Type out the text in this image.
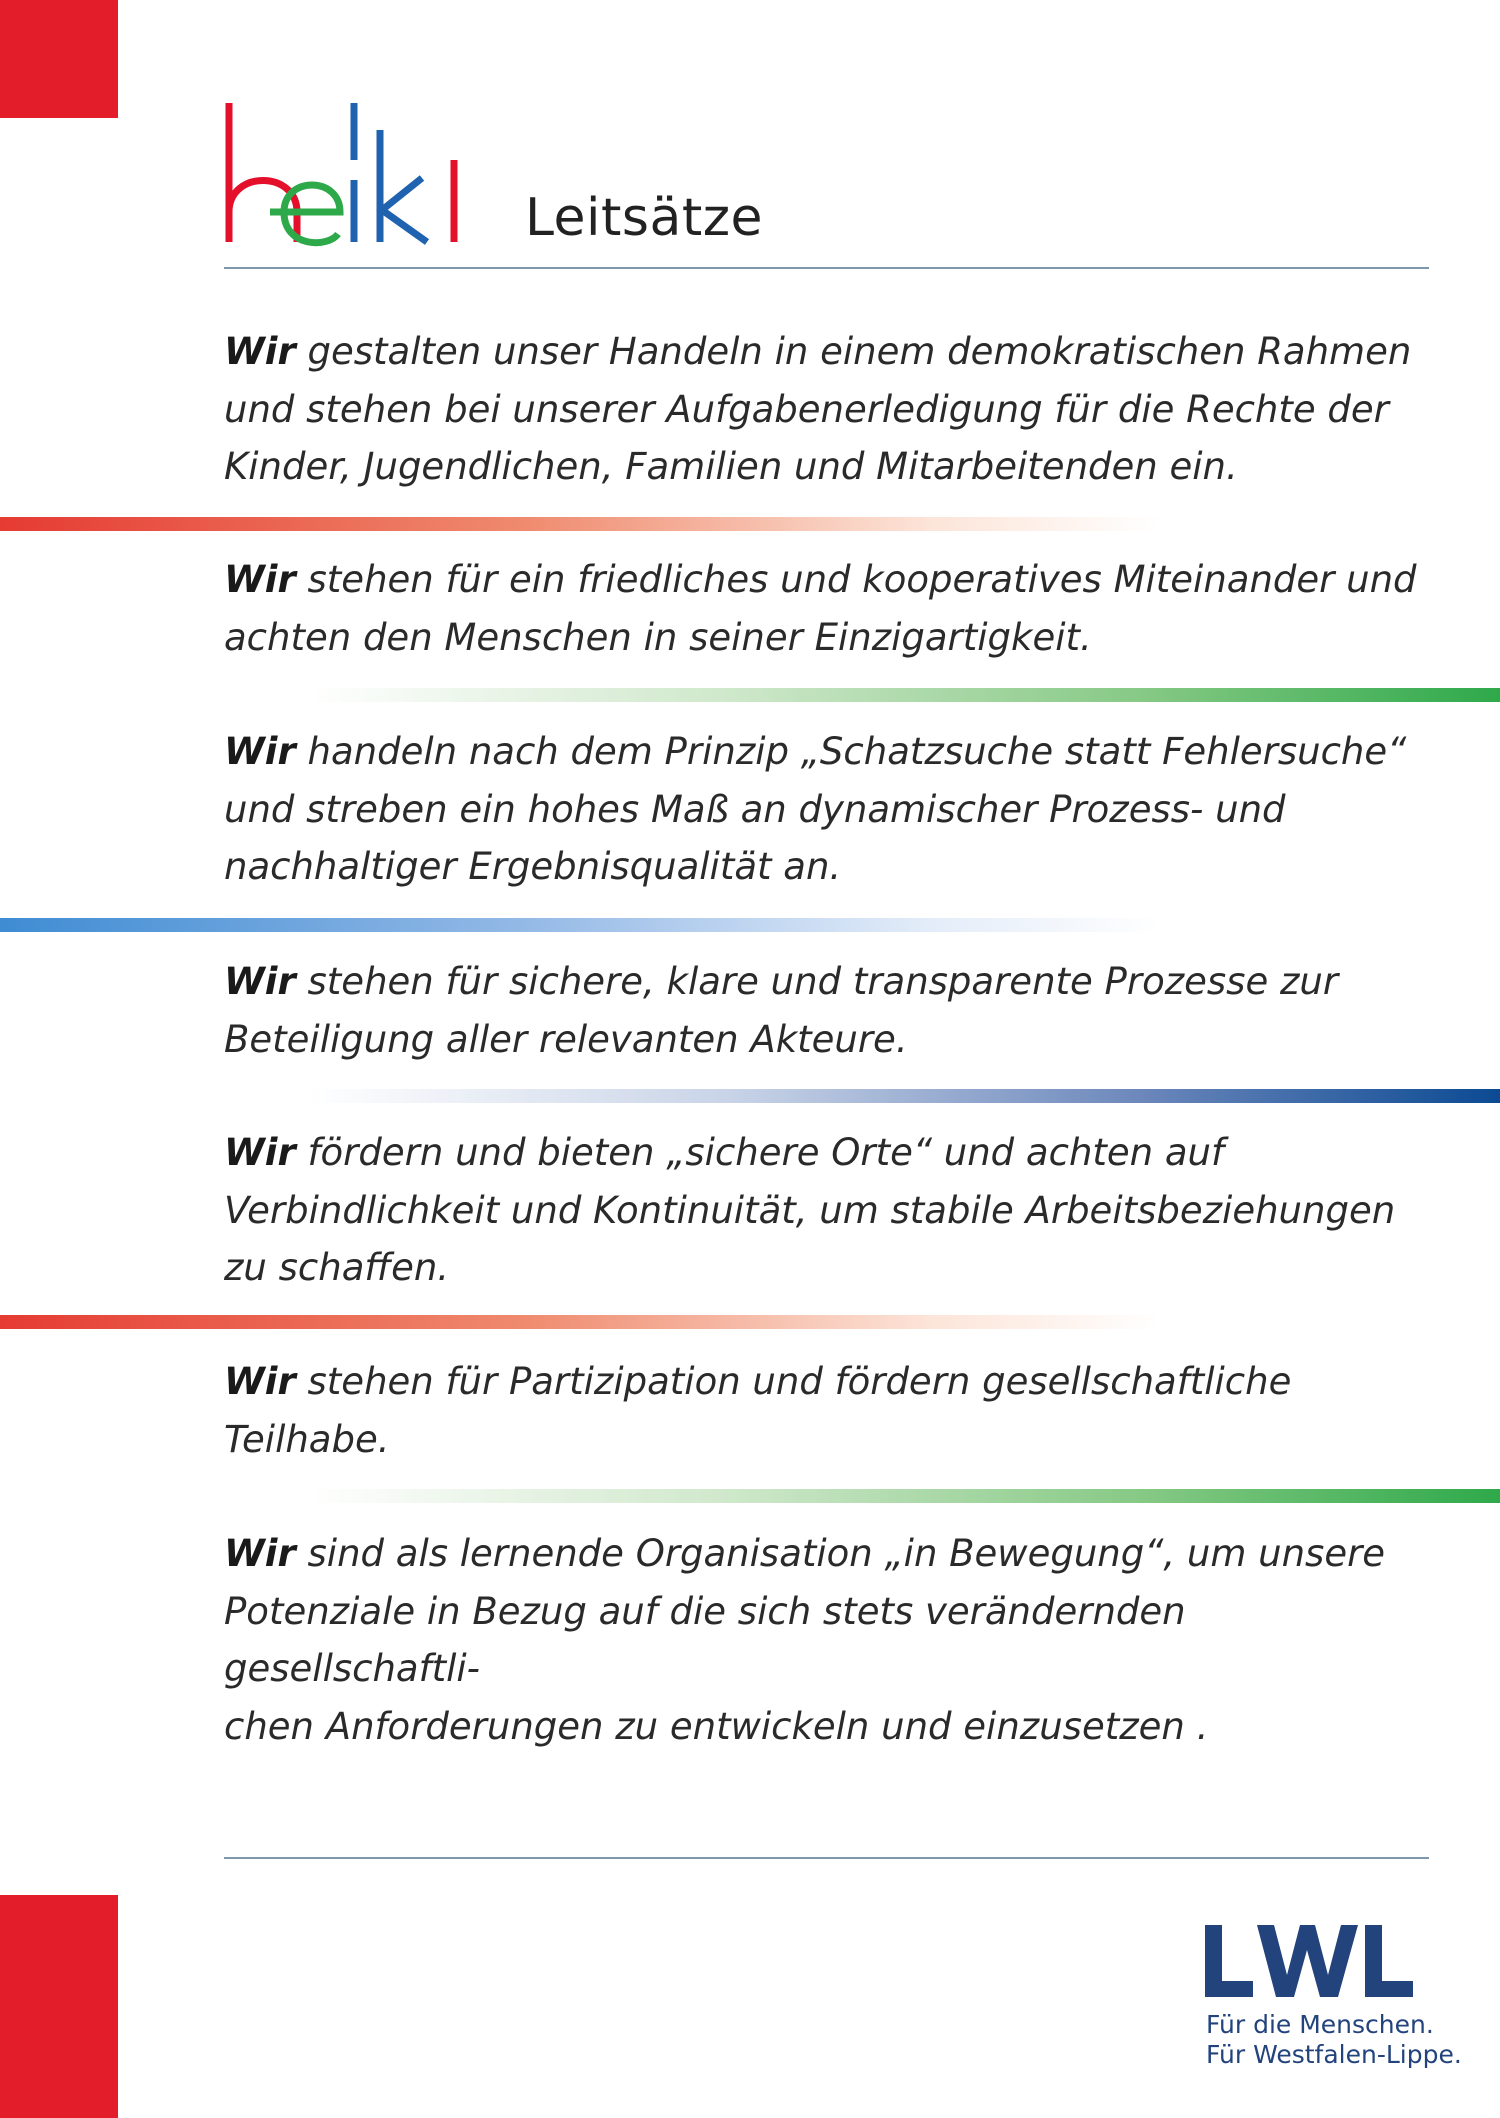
Leitsätze

Wir gestalten unser Handeln in einem demokratischen Rahmen
und stehen bei unserer Aufgabenerledigung für die Rechte der
Kinder, Jugendlichen, Familien und Mitarbeitenden ein.

Wir stehen für ein friedliches und kooperatives Miteinander und
achten den Menschen in seiner Einzigartigkeit.

Wir handeln nach dem Prinzip „Schatzsuche statt Fehlersuche“
und streben ein hohes Maß an dynamischer Prozess- und
nachhaltiger Ergebnisqualität an.

Wir stehen für sichere, klare und transparente Prozesse zur
Beteiligung aller relevanten Akteure.

Wir fördern und bieten „sichere Orte“ und achten auf
Verbindlichkeit und Kontinuität, um stabile Arbeitsbeziehungen
zu schaffen.

Wir stehen für Partizipation und fördern gesellschaftliche
Teilhabe.

Wir sind als lernende Organisation „in Bewegung“, um unsere
Potenziale in Bezug auf die sich stets verändernden gesellschaftli-
chen Anforderungen zu entwickeln und einzusetzen .

Für die Menschen.
Für Westfalen-Lippe.
